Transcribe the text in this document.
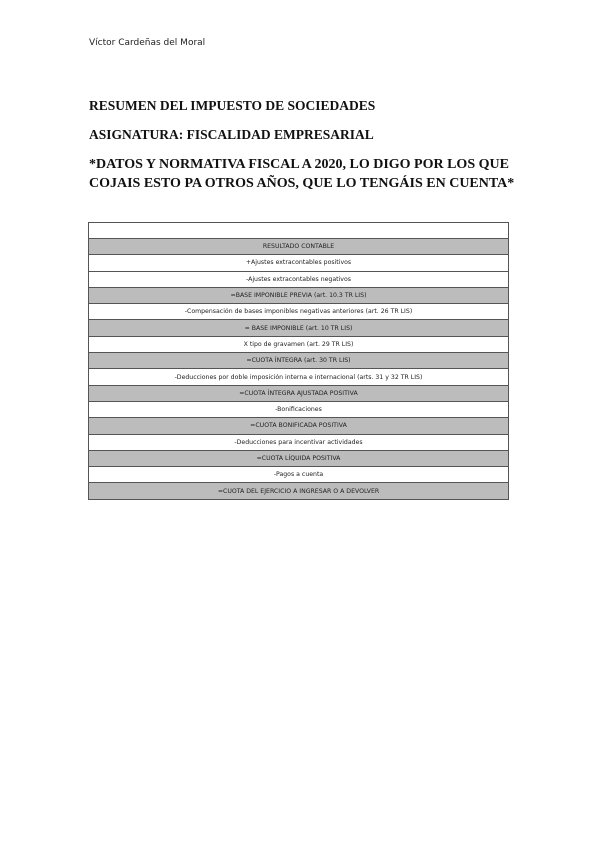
Víctor Cardeñas del Moral
RESUMEN DEL IMPUESTO DE SOCIEDADES
ASIGNATURA: FISCALIDAD EMPRESARIAL
*DATOS Y NORMATIVA FISCAL A 2020, LO DIGO POR LOS QUE COJAIS ESTO PA OTROS AÑOS, QUE LO TENGÁIS EN CUENTA*

RESULTADO CONTABLE
+Ajustes extracontables positivos
-Ajustes extracontables negativos
=BASE IMPONIBLE PREVIA (art. 10.3 TR LIS)
-Compensación de bases imponibles negativas anteriores (art. 26 TR LIS)
= BASE IMPONIBLE (art. 10 TR LIS)
X tipo de gravamen (art. 29 TR LIS)
=CUOTA ÍNTEGRA (art. 30 TR LIS)
-Deducciones por doble imposición interna e internacional (arts. 31 y 32 TR LIS)
=CUOTA ÍNTEGRA AJUSTADA POSITIVA
-Bonificaciones
=CUOTA BONIFICADA POSITIVA
-Deducciones para incentivar actividades
=CUOTA LÍQUIDA POSITIVA
-Pagos a cuenta
=CUOTA DEL EJERCICIO A INGRESAR O A DEVOLVER
